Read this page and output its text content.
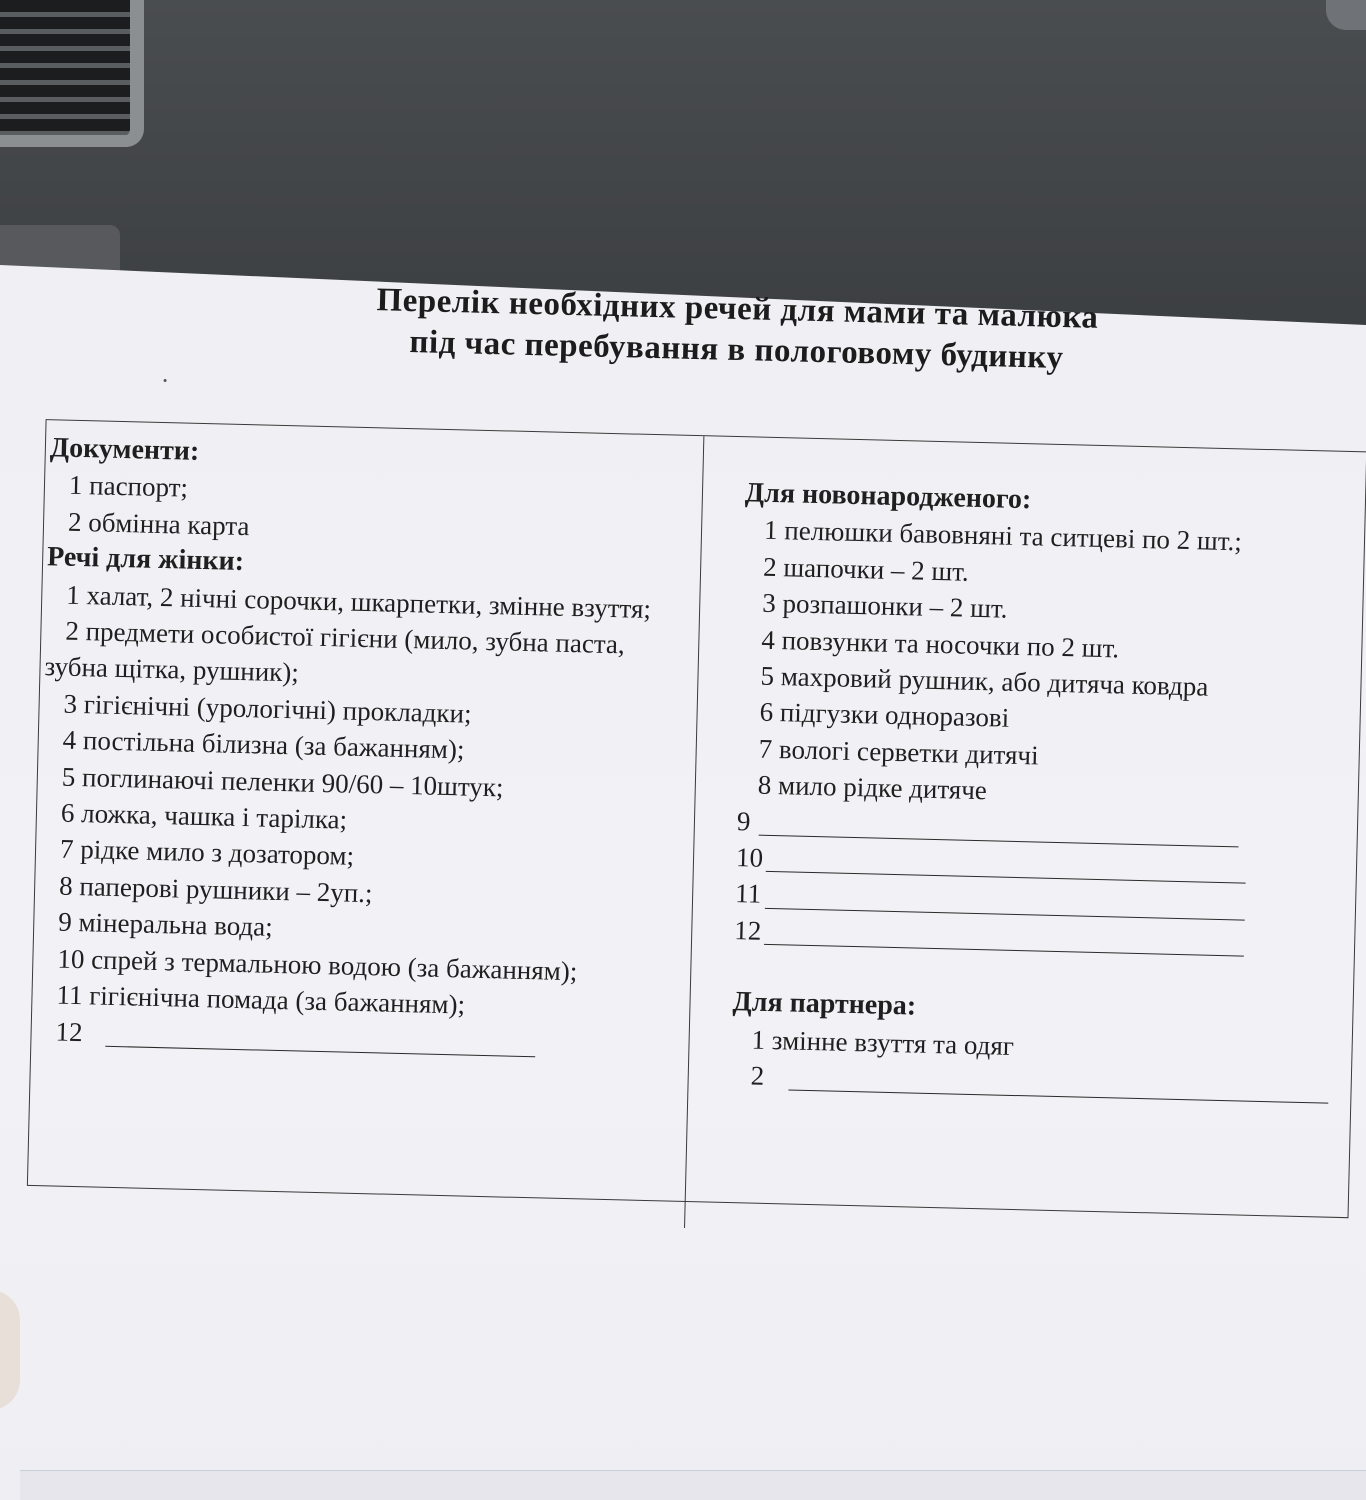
Перелік необхідних речей для мами та малюка
під час перебування в пологовому будинку
Документи:
1 паспорт;
2 обмінна карта
Речі для жінки:
1 халат, 2 нічні сорочки, шкарпетки, змінне взуття;
2 предмети особистої гігієни (мило, зубна паста, зубна щітка, рушник);
3 гігієнічні (урологічні) прокладки;
4 постільна білизна (за бажанням);
5 поглинаючі пеленки 90/60 – 10штук;
6 ложка, чашка і тарілка;
7 рідке мило з дозатором;
8 паперові рушники – 2уп.;
9 мінеральна вода;
10 спрей з термальною водою (за бажанням);
11 гігієнічна помада (за бажанням);
12
Для новонародженого:
1 пелюшки бавовняні та ситцеві по 2 шт.;
2 шапочки – 2 шт.
3 розпашонки – 2 шт.
4 повзунки та носочки по 2 шт.
5 махровий рушник, або дитяча ковдра
6 підгузки одноразові
7 вологі серветки дитячі
8 мило рідке дитяче
9
10
11
12
Для партнера:
1 змінне взуття та одяг
2
